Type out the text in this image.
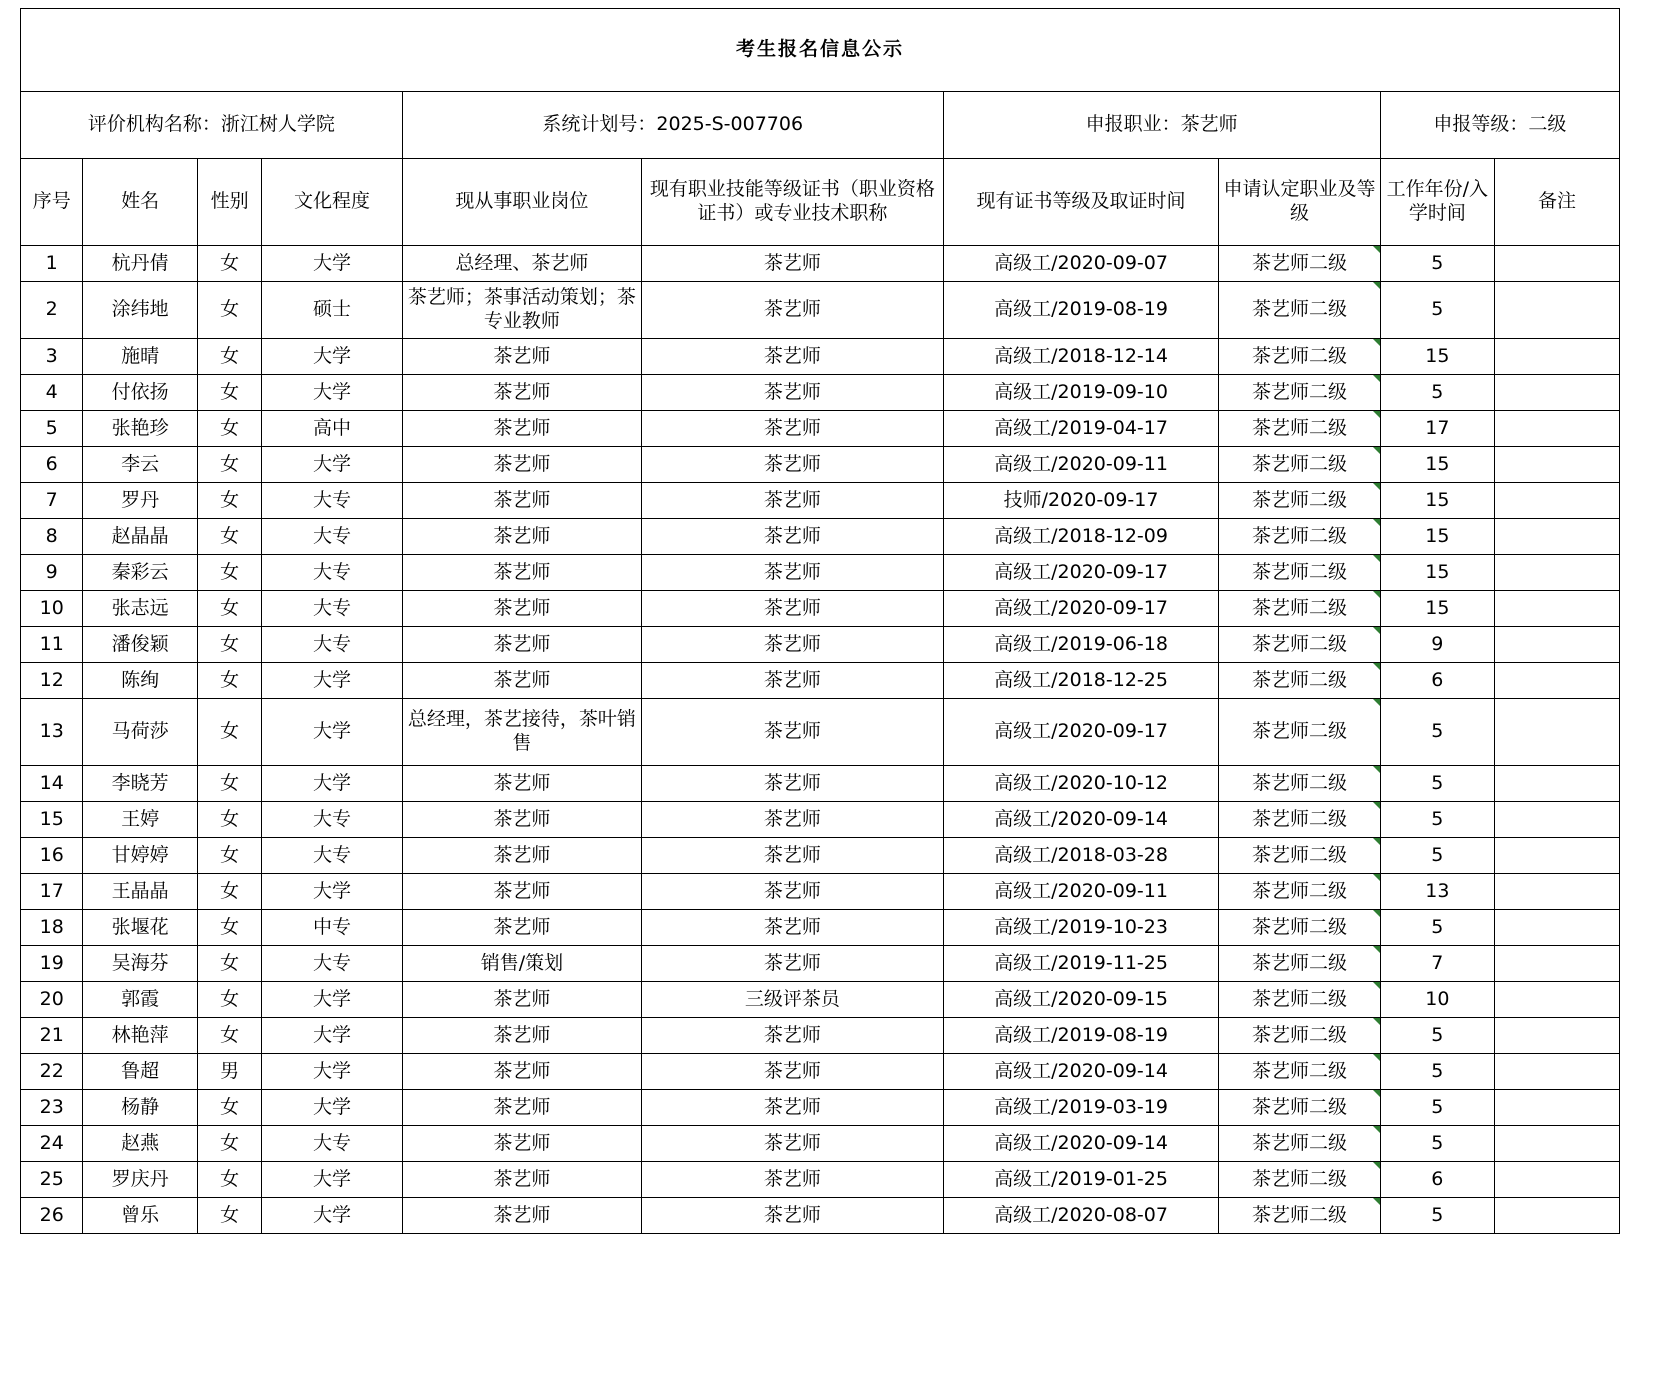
考生报名信息公示									
评价机构名称：浙江树人学院				系统计划号：2025-S-007706		申报职业：茶艺师		申报等级：二级	
序号	姓名	性别	文化程度	现从事职业岗位	现有职业技能等级证书（职业资格证书）或专业技术职称	现有证书等级及取证时间	申请认定职业及等级	工作年份/入学时间	备注
1	杭丹倩	女	大学	总经理、茶艺师	茶艺师	高级工/2020-09-07	茶艺师二级	5	
2	涂纬地	女	硕士	茶艺师；茶事活动策划；茶专业教师	茶艺师	高级工/2019-08-19	茶艺师二级	5	
3	施晴	女	大学	茶艺师	茶艺师	高级工/2018-12-14	茶艺师二级	15	
4	付依扬	女	大学	茶艺师	茶艺师	高级工/2019-09-10	茶艺师二级	5	
5	张艳珍	女	高中	茶艺师	茶艺师	高级工/2019-04-17	茶艺师二级	17	
6	李云	女	大学	茶艺师	茶艺师	高级工/2020-09-11	茶艺师二级	15	
7	罗丹	女	大专	茶艺师	茶艺师	技师/2020-09-17	茶艺师二级	15	
8	赵晶晶	女	大专	茶艺师	茶艺师	高级工/2018-12-09	茶艺师二级	15	
9	秦彩云	女	大专	茶艺师	茶艺师	高级工/2020-09-17	茶艺师二级	15	
10	张志远	女	大专	茶艺师	茶艺师	高级工/2020-09-17	茶艺师二级	15	
11	潘俊颖	女	大专	茶艺师	茶艺师	高级工/2019-06-18	茶艺师二级	9	
12	陈绚	女	大学	茶艺师	茶艺师	高级工/2018-12-25	茶艺师二级	6	
13	马荷莎	女	大学	总经理，茶艺接待，茶叶销售	茶艺师	高级工/2020-09-17	茶艺师二级	5	
14	李晓芳	女	大学	茶艺师	茶艺师	高级工/2020-10-12	茶艺师二级	5	
15	王婷	女	大专	茶艺师	茶艺师	高级工/2020-09-14	茶艺师二级	5	
16	甘婷婷	女	大专	茶艺师	茶艺师	高级工/2018-03-28	茶艺师二级	5	
17	王晶晶	女	大学	茶艺师	茶艺师	高级工/2020-09-11	茶艺师二级	13	
18	张堰花	女	中专	茶艺师	茶艺师	高级工/2019-10-23	茶艺师二级	5	
19	吴海芬	女	大专	销售/策划	茶艺师	高级工/2019-11-25	茶艺师二级	7	
20	郭霞	女	大学	茶艺师	三级评茶员	高级工/2020-09-15	茶艺师二级	10	
21	林艳萍	女	大学	茶艺师	茶艺师	高级工/2019-08-19	茶艺师二级	5	
22	鲁超	男	大学	茶艺师	茶艺师	高级工/2020-09-14	茶艺师二级	5	
23	杨静	女	大学	茶艺师	茶艺师	高级工/2019-03-19	茶艺师二级	5	
24	赵燕	女	大专	茶艺师	茶艺师	高级工/2020-09-14	茶艺师二级	5	
25	罗庆丹	女	大学	茶艺师	茶艺师	高级工/2019-01-25	茶艺师二级	6	
26	曾乐	女	大学	茶艺师	茶艺师	高级工/2020-08-07	茶艺师二级	5	
